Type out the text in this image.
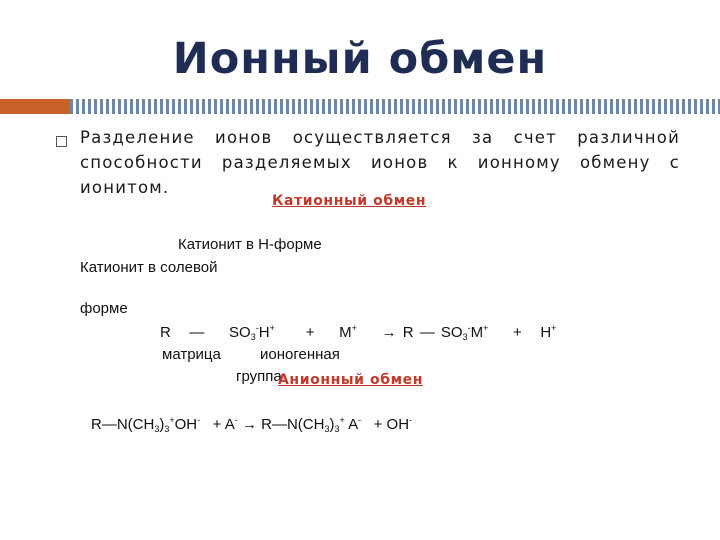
Ионный обмен
Разделение ионов осуществляется за счет различной способности разделяемых ионов к ионному обмену с ионитом.
Катионный обмен
Катионит в Н-форме
Катионит в солевой
форме
R — $SO_3^-H^+ + M^+ \to R$ — $SO_3^-M^+ + H^+$
матрица	ионогенная
группа
Анионный обмен
$R—N(CH_3)_3^+OH^- + A^-$ → $R—N(CH_3)_3^+$ A- + OH-
